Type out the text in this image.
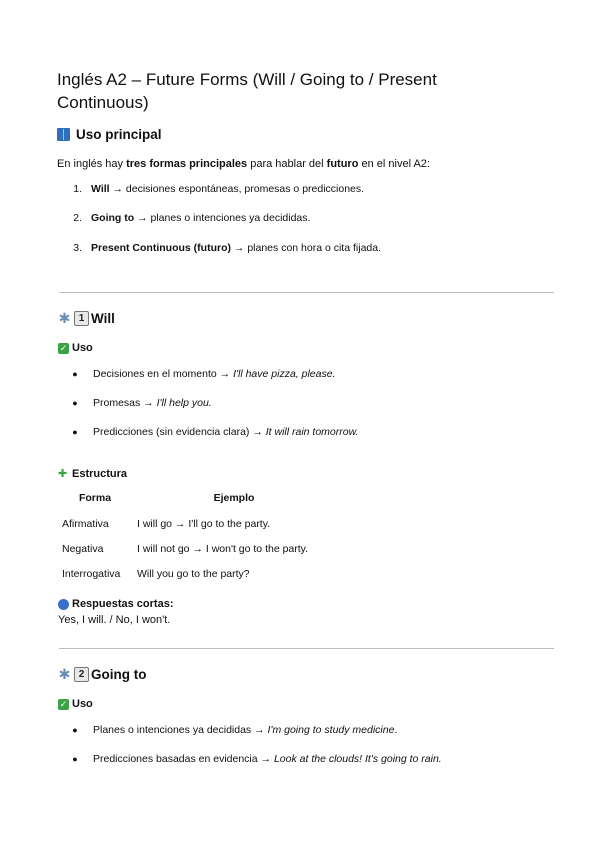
Inglés A2 – Future Forms (Will / Going to / Present Continuous)
Uso principal
En inglés hay tres formas principales para hablar del futuro en el nivel A2:
1. Will → decisiones espontáneas, promesas o predicciones.
2. Going to → planes o intenciones ya decididas.
3. Present Continuous (futuro) → planes con hora o cita fijada.
✱ 1 Will
✓ Uso
●	Decisiones en el momento → I'll have pizza, please.
●	Promesas → I'll help you.
●	Predicciones (sin evidencia clara) → It will rain tomorrow.
✚ Estructura
Forma	Ejemplo
Afirmativa	I will go → I'll go to the party.
Negativa	I will not go → I won't go to the party.
Interrogativa	Will you go to the party?
Respuestas cortas:
Yes, I will. / No, I won't.
✱ 2 Going to
✓ Uso
●	Planes o intenciones ya decididas → I'm going to study medicine.
●	Predicciones basadas en evidencia → Look at the clouds! It's going to rain.
